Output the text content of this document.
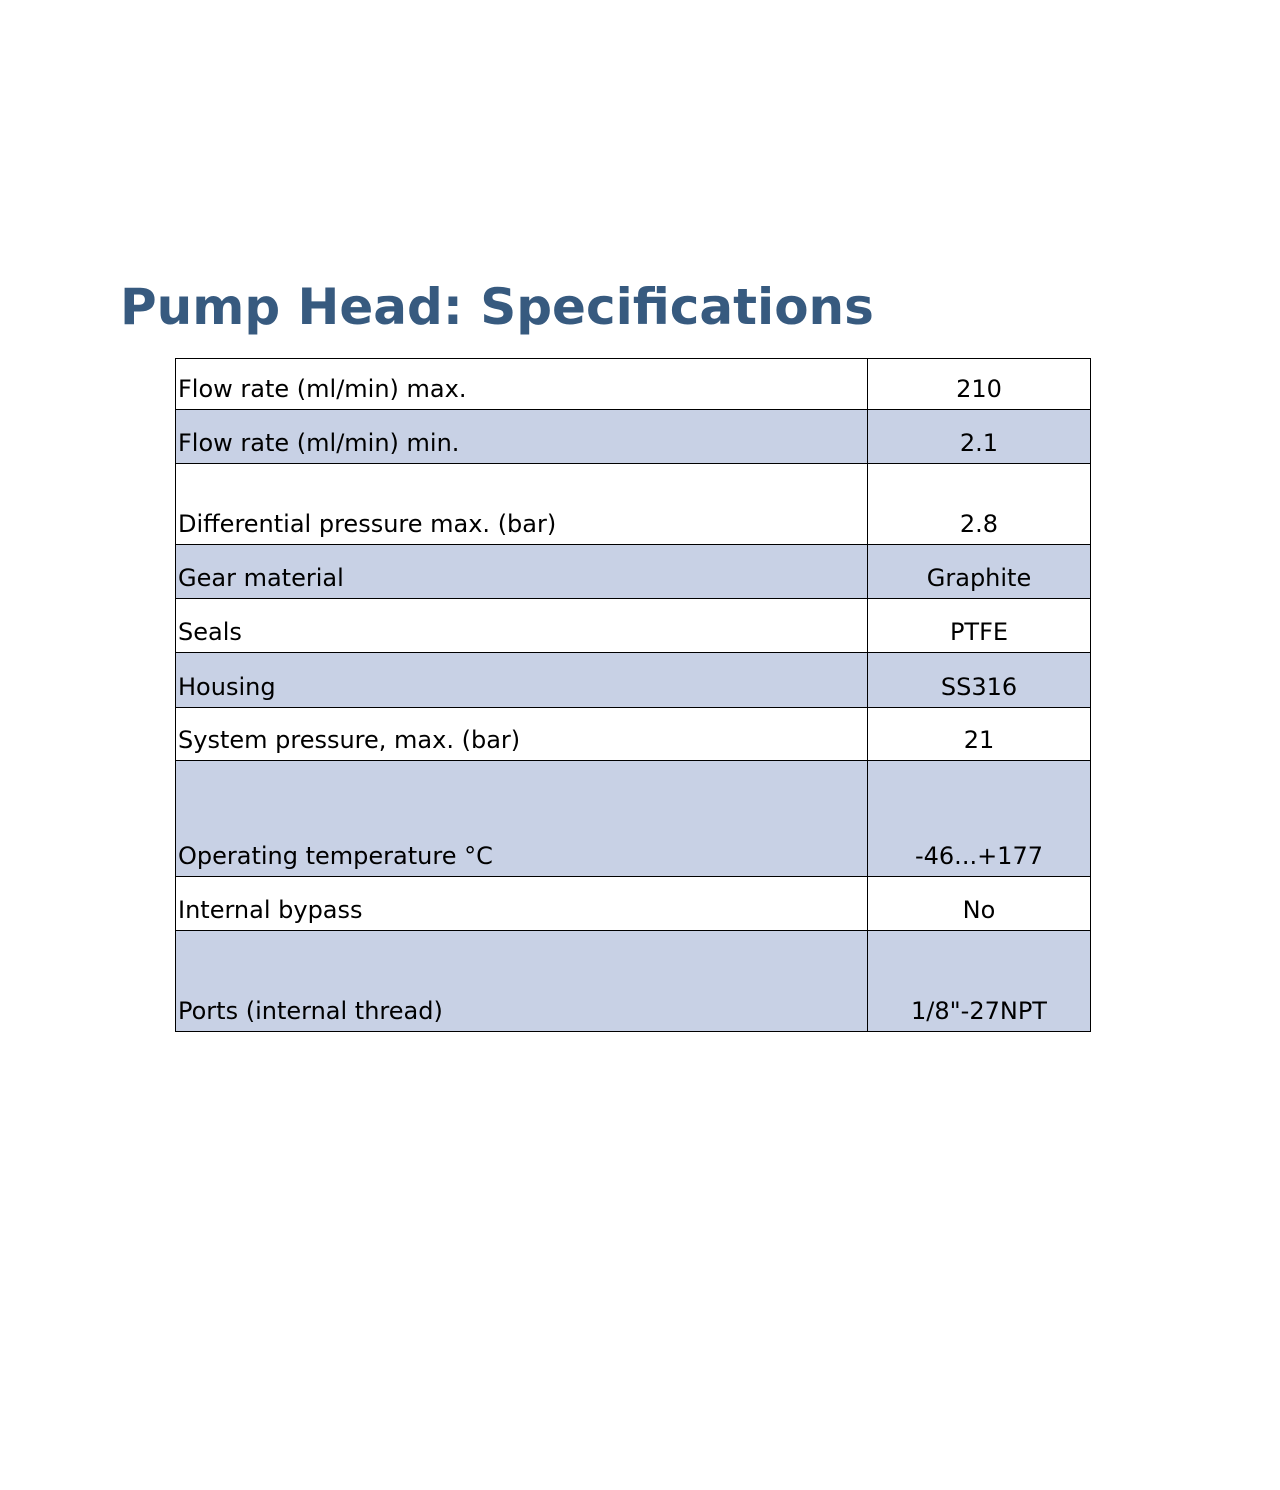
Pump Head: Specifications
Flow rate (ml/min) max.	210
Flow rate (ml/min) min.	2.1
Differential pressure max. (bar)	2.8
Gear material	Graphite
Seals	PTFE
Housing	SS316
System pressure, max. (bar)	21
Operating temperature °C	-46...+177
Internal bypass	No
Ports (internal thread)	1/8"-27NPT
